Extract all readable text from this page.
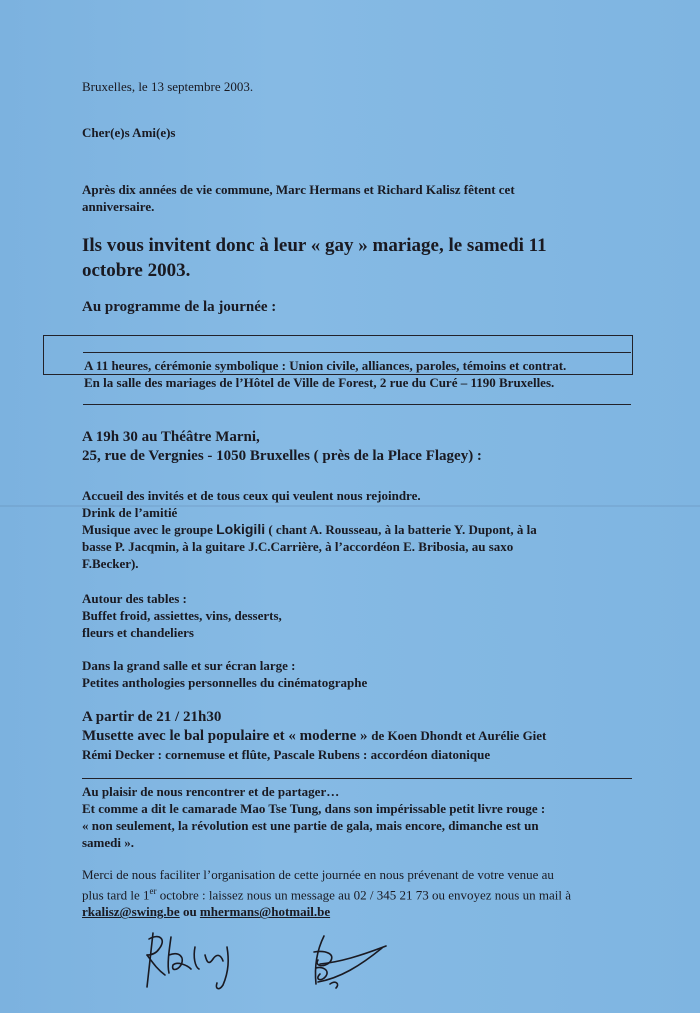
Bruxelles, le 13 septembre 2003.
Cher(e)s Ami(e)s
Après dix années de vie commune, Marc Hermans et Richard Kalisz fêtent cet
anniversaire.
Ils vous invitent donc à leur « gay » mariage, le samedi 11
octobre 2003.
Au programme de la journée :
A 11 heures, cérémonie symbolique : Union civile, alliances, paroles, témoins et contrat.
En la salle des mariages de l’Hôtel de Ville de Forest, 2 rue du Curé – 1190 Bruxelles.
A 19h 30 au Théâtre Marni,
25, rue de Vergnies - 1050 Bruxelles ( près de la Place Flagey) :
Accueil des invités et de tous ceux qui veulent nous rejoindre.
Drink de l’amitié
Musique avec le groupe Lokigili ( chant A. Rousseau, à la batterie Y. Dupont, à la
basse P. Jacqmin, à la guitare J.C.Carrière, à l’accordéon E. Bribosia, au saxo
F.Becker).
Autour des tables :
Buffet froid, assiettes, vins, desserts,
fleurs et chandeliers
Dans la grand salle et sur écran large :
Petites anthologies personnelles du cinématographe
A partir de 21 / 21h30
Musette avec le bal populaire et « moderne » de Koen Dhondt et Aurélie Giet
Rémi Decker : cornemuse et flûte, Pascale Rubens : accordéon diatonique
Au plaisir de nous rencontrer et de partager…
Et comme a dit le camarade Mao Tse Tung, dans son impérissable petit livre rouge :
« non seulement, la révolution est une partie de gala, mais encore, dimanche est un
samedi ».
Merci de nous faciliter l’organisation de cette journée en nous prévenant de votre venue au
plus tard le 1er octobre : laissez nous un message au 02 / 345 21 73 ou envoyez nous un mail à
rkalisz@swing.be ou mhermans@hotmail.be
